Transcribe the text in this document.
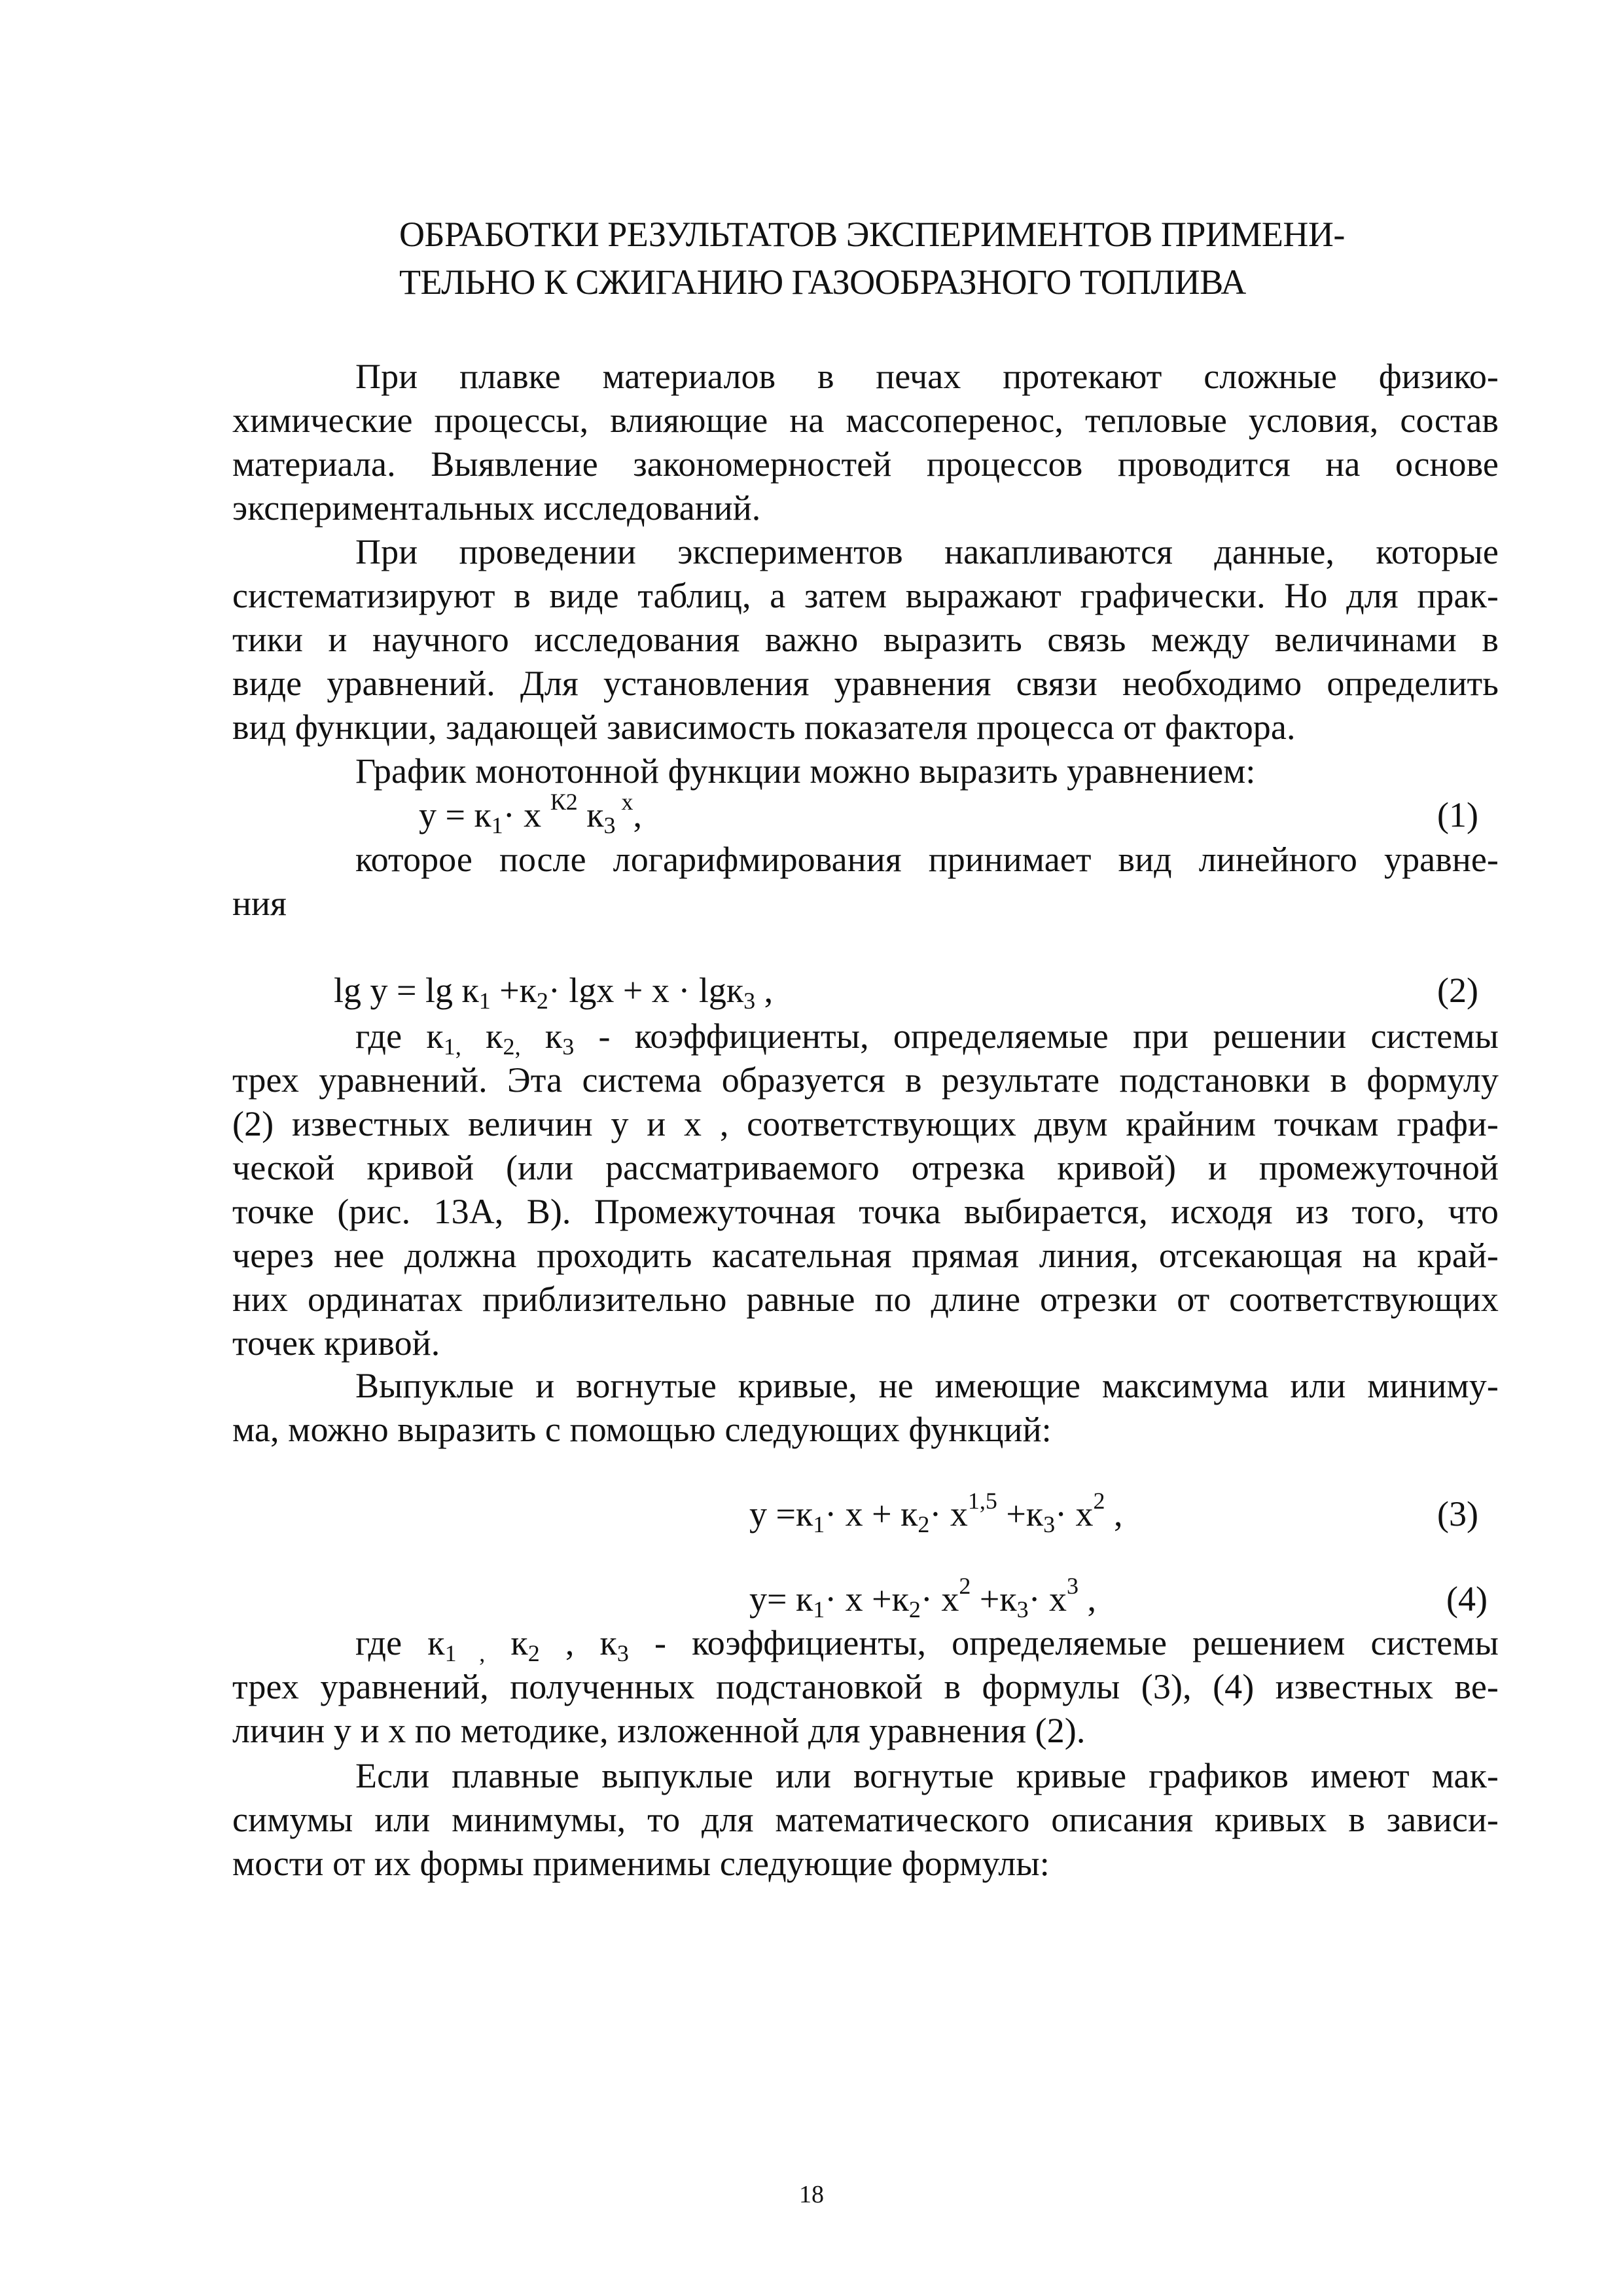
ОБРАБОТКИ РЕЗУЛЬТАТОВ ЭКСПЕРИМЕНТОВ ПРИМЕНИ-
ТЕЛЬНО К СЖИГАНИЮ ГАЗООБРАЗНОГО ТОПЛИВА
При плавке материалов в печах протекают сложные физико-
химические процессы, влияющие на массоперенос, тепловые условия, состав
материала. Выявление закономерностей процессов проводится на основе
экспериментальных исследований.
При проведении экспериментов накапливаются данные, которые
систематизируют в виде таблиц, а затем выражают графически. Но для прак-
тики и научного исследования важно выразить связь между величинами в
виде уравнений. Для установления уравнения связи необходимо определить
вид функции, задающей зависимость показателя процесса от фактора.
График монотонной функции можно выразить уравнением:
$у = к_1\cdot х$ $^{К2}$ $к_3$ $^х$,	(1)
которое после логарифмирования принимает вид линейного уравне-
ния
$\lg y = \lg к_1 +к_2\cdot \lg x + x \cdot \lg к_3$ ,	(2)
где $к_{1,}$ $к_{2,}$ $к_3$ - коэффициенты, определяемые при решении системы
трех уравнений. Эта система образуется в результате подстановки в формулу
(2) известных величин у и х , соответствующих двум крайним точкам графи-
ческой кривой (или рассматриваемого отрезка кривой) и промежуточной
точке (рис. 13А, В). Промежуточная точка выбирается, исходя из того, что
через нее должна проходить касательная прямая линия, отсекающая на край-
них ординатах приблизительно равные по длине отрезки от соответствующих
точек кривой.
Выпуклые и вогнутые кривые, не имеющие максимума или миниму-
ма, можно выразить с помощью следующих функций:
$у =к_1\cdot х + к_2\cdot х^{1,5} +к_3\cdot х^2$ ,	(3)
$у= к_1\cdot х +к_2\cdot х^2 +к_3\cdot х^3$ ,	(4)
где $к_{1 ,}$ $к_2$ , $к_3$ - коэффициенты, определяемые решением системы
трех уравнений, полученных подстановкой в формулы (3), (4) известных ве-
личин у и х по методике, изложенной для уравнения (2).
Если плавные выпуклые или вогнутые кривые графиков имеют мак-
симумы или минимумы, то для математического описания кривых в зависи-
мости от их формы применимы следующие формулы:
18
